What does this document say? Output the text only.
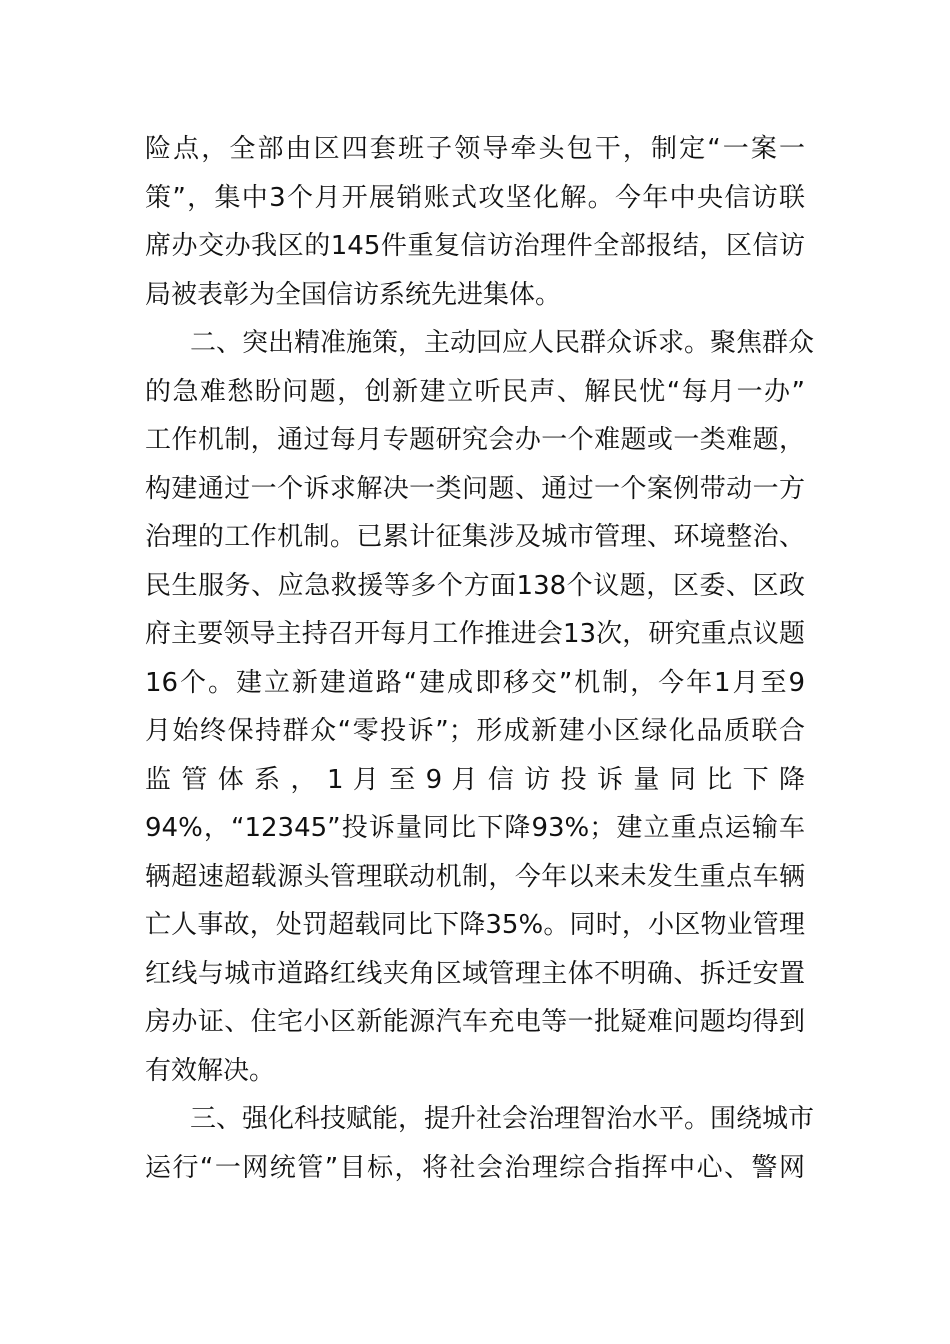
险点，全部由区四套班子领导牵头包干，制定“一案一
策”，集中3个月开展销账式攻坚化解。今年中央信访联
席办交办我区的145件重复信访治理件全部报结，区信访
局被表彰为全国信访系统先进集体。
二、突出精准施策，主动回应人民群众诉求。聚焦群众
的急难愁盼问题，创新建立听民声、解民忧“每月一办”
工作机制，通过每月专题研究会办一个难题或一类难题，
构建通过一个诉求解决一类问题、通过一个案例带动一方
治理的工作机制。已累计征集涉及城市管理、环境整治、
民生服务、应急救援等多个方面138个议题，区委、区政
府主要领导主持召开每月工作推进会13次，研究重点议题
16个。建立新建道路“建成即移交”机制，今年1月至9
月始终保持群众“零投诉”；形成新建小区绿化品质联合
监 管 体 系 ， 1 月 至 9 月 信 访 投 诉 量 同 比 下 降
94%，“12345”投诉量同比下降93%；建立重点运输车
辆超速超载源头管理联动机制，今年以来未发生重点车辆
亡人事故，处罚超载同比下降35%。同时，小区物业管理
红线与城市道路红线夹角区域管理主体不明确、拆迁安置
房办证、住宅小区新能源汽车充电等一批疑难问题均得到
有效解决。
三、强化科技赋能，提升社会治理智治水平。围绕城市
运行“一网统管”目标，将社会治理综合指挥中心、警网
